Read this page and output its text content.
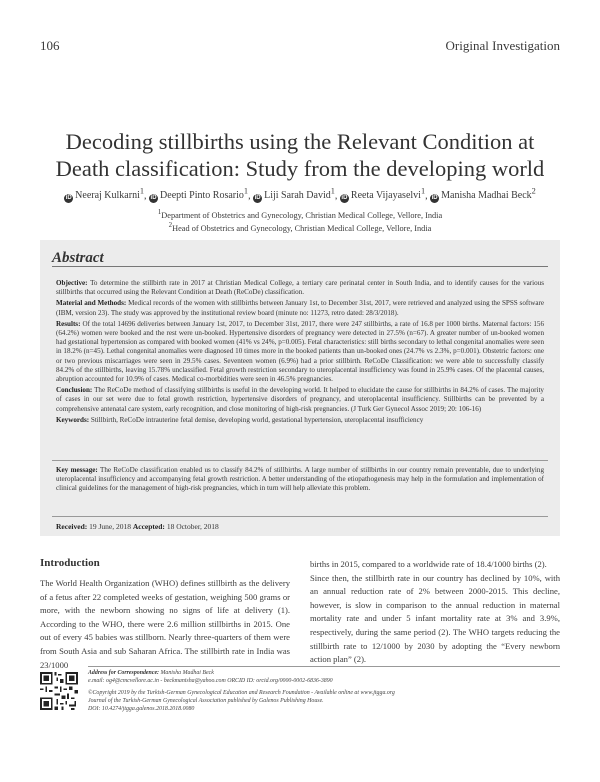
106	Original Investigation
Decoding stillbirths using the Relevant Condition at Death classification: Study from the developing world
iD Neeraj Kulkarni$^1$, iD Deepti Pinto Rosario$^1$, iD Liji Sarah David$^1$, iD Reeta Vijayaselvi$^1$, iD Manisha Madhai Beck$^2$
$^1$Department of Obstetrics and Gynecology, Christian Medical College, Vellore, India
$^2$Head of Obstetrics and Gynecology, Christian Medical College, Vellore, India
Abstract

Objective: To determine the stillbirth rate in 2017 at Christian Medical College, a tertiary care perinatal center in South India, and to identify causes for the various stillbirths that occurred using the Relevant Condition at Death (ReCoDe) classification.

Material and Methods: Medical records of the women with stillbirths between January 1st, to December 31st, 2017, were retrieved and analyzed using the SPSS software (IBM, version 23). The study was approved by the institutional review board (minute no: 11273, retro dated: 28/3/2018).

Results: Of the total 14696 deliveries between January 1st, 2017, to December 31st, 2017, there were 247 stillbirths, a rate of 16.8 per 1000 births. Maternal factors: 156 (64.2%) women were booked and the rest were un-booked. Hypertensive disorders of pregnancy were detected in 27.5% (n=67). A greater number of un-booked women had gestational hypertension as compared with booked women (41% vs 24%, p=0.005). Fetal characteristics: still births secondary to lethal congenital anomalies were seen in 18.2% (n=45). Lethal congenital anomalies were diagnosed 10 times more in the booked patients than un-booked ones (24.7% vs 2.3%, p=0.001). Obstetric factors: one or two previous miscarriages were seen in 29.5% cases. Seventeen women (6.9%) had a prior stillbirth. ReCoDe Classification: we were able to successfully classify 84.2% of the stillbirths, leaving 15.78% unclassified. Fetal growth restriction secondary to uteroplacental insufficiency was found in 25.9% cases. Of the placental causes, abruption accounted for 10.9% of cases. Medical co-morbidities were seen in 46.5% pregnancies.

Conclusion: The ReCoDe method of classifying stillbirths is useful in the developing world. It helped to elucidate the cause for stillbirths in 84.2% of cases. The majority of cases in our set were due to fetal growth restriction, hypertensive disorders of pregnancy, and uteroplacental insufficiency. Stillbirths can be prevented by a comprehensive antenatal care system, early recognition, and close monitoring of high-risk pregnancies. (J Turk Ger Gynecol Assoc 2019; 20: 106-16)

Keywords: Stillbirth, ReCoDe intrauterine fetal demise, developing world, gestational hypertension, uteroplacental insufficiency

Key message: The ReCoDe classification enabled us to classify 84.2% of stillbirths. A large number of stillbirths in our country remain preventable, due to underlying uteroplacental insufficiency and accompanying fetal growth restriction. A better understanding of the etiopathogenesis may help in the formulation and implementation of clinical guidelines for the management of high-risk pregnancies, which in turn will help alleviate this problem.
Received: 19 June, 2018 Accepted: 18 October, 2018
Introduction

The World Health Organization (WHO) defines stillbirth as the delivery of a fetus after 22 completed weeks of gestation, weighing 500 grams or more, with the newborn showing no signs of life at delivery (1). According to the WHO, there were 2.6 million stillbirths in 2015. One out of every 45 babies was stillborn. Nearly three-quarters of them were from South Asia and sub Saharan Africa. The stillbirth rate in India was 23/1000

births in 2015, compared to a worldwide rate of 18.4/1000 births (2).

Since then, the stillbirth rate in our country has declined by 10%, with an annual reduction rate of 2% between 2000-2015. This decline, however, is slow in comparison to the annual reduction in maternal mortality rate and under 5 infant mortality rate at 3% and 3.9%, respectively, during the same period (2). The WHO targets reducing the stillbirth rate to 12/1000 by 2030 by adopting the “Every newborn action plan” (2).

Address for Correspondence: Manisha Madhai Beck
e.mail: og4@cmcvellore.ac.in - beckmanisha@yahoo.com ORCID ID: orcid.org/0000-0002-6836-3890
©Copyright 2019 by the Turkish-German Gynecological Education and Research Foundation - Available online at www.jtgga.org
Journal of the Turkish-German Gynecological Association published by Galenos Publishing House.
DOI: 10.4274/jtgga.galenos.2018.2018.0080
